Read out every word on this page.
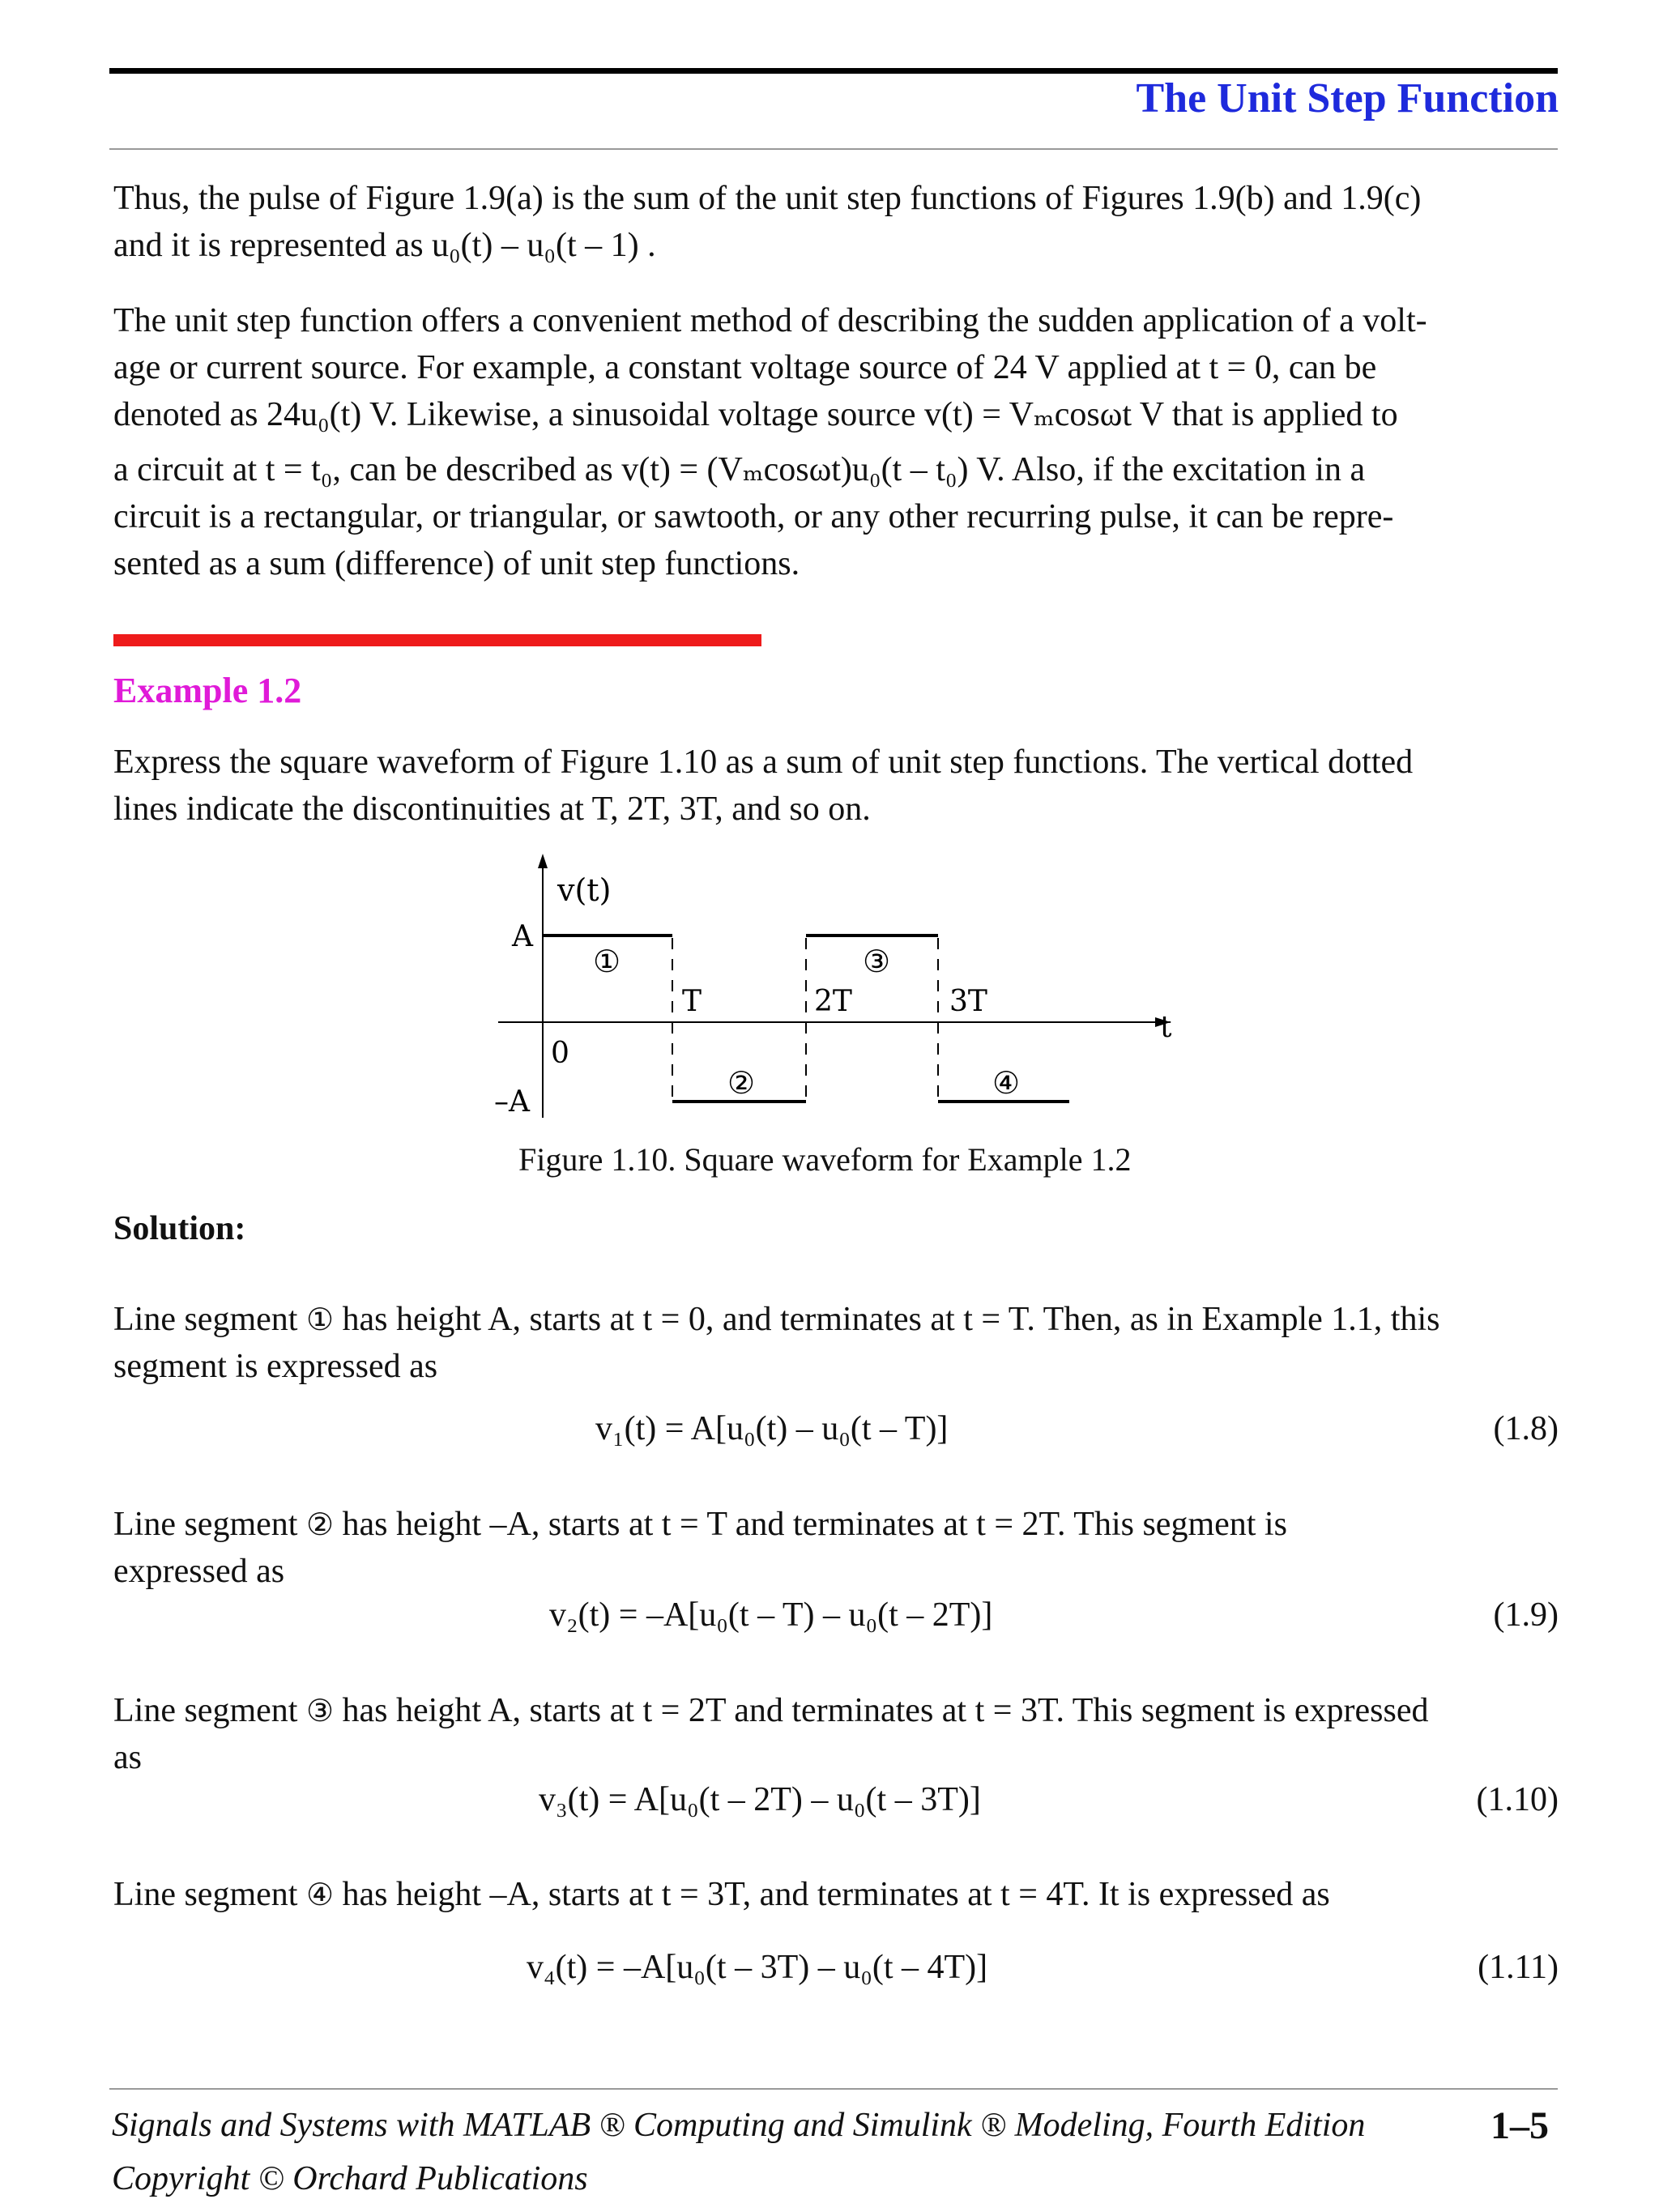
The Unit Step Function
Thus, the pulse of Figure 1.9(a) is the sum of the unit step functions of Figures 1.9(b) and 1.9(c)
and it is represented as u₀(t) – u₀(t – 1) .
The unit step function offers a convenient method of describing the sudden application of a volt-
age or current source. For example, a constant voltage source of 24 V applied at t = 0, can be
denoted as 24u₀(t) V. Likewise, a sinusoidal voltage source v(t) = Vₘcosωt V that is applied to
a circuit at t = t₀, can be described as v(t) = (Vₘcosωt)u₀(t – t₀) V. Also, if the excitation in a
circuit is a rectangular, or triangular, or sawtooth, or any other recurring pulse, it can be repre-
sented as a sum (difference) of unit step functions.
Example 1.2
Express the square waveform of Figure 1.10 as a sum of unit step functions. The vertical dotted
lines indicate the discontinuities at T, 2T, 3T, and so on.
v(t)
A
–A
0
T	2T	3T
t
①
②
③
④
Figure 1.10. Square waveform for Example 1.2
Solution:
Line segment ① has height A, starts at t = 0, and terminates at t = T. Then, as in Example 1.1, this
segment is expressed as
v₁(t) = A[u₀(t) – u₀(t – T)]	(1.8)
Line segment ② has height –A, starts at t = T and terminates at t = 2T. This segment is
expressed as
v₂(t) = –A[u₀(t – T) – u₀(t – 2T)]	(1.9)
Line segment ③ has height A, starts at t = 2T and terminates at t = 3T. This segment is expressed
as
v₃(t) = A[u₀(t – 2T) – u₀(t – 3T)]	(1.10)
Line segment ④ has height –A, starts at t = 3T, and terminates at t = 4T. It is expressed as
v₄(t) = –A[u₀(t – 3T) – u₀(t – 4T)]	(1.11)
Signals and Systems with MATLAB ® Computing and Simulink ® Modeling, Fourth Edition
Copyright © Orchard Publications
1–5
